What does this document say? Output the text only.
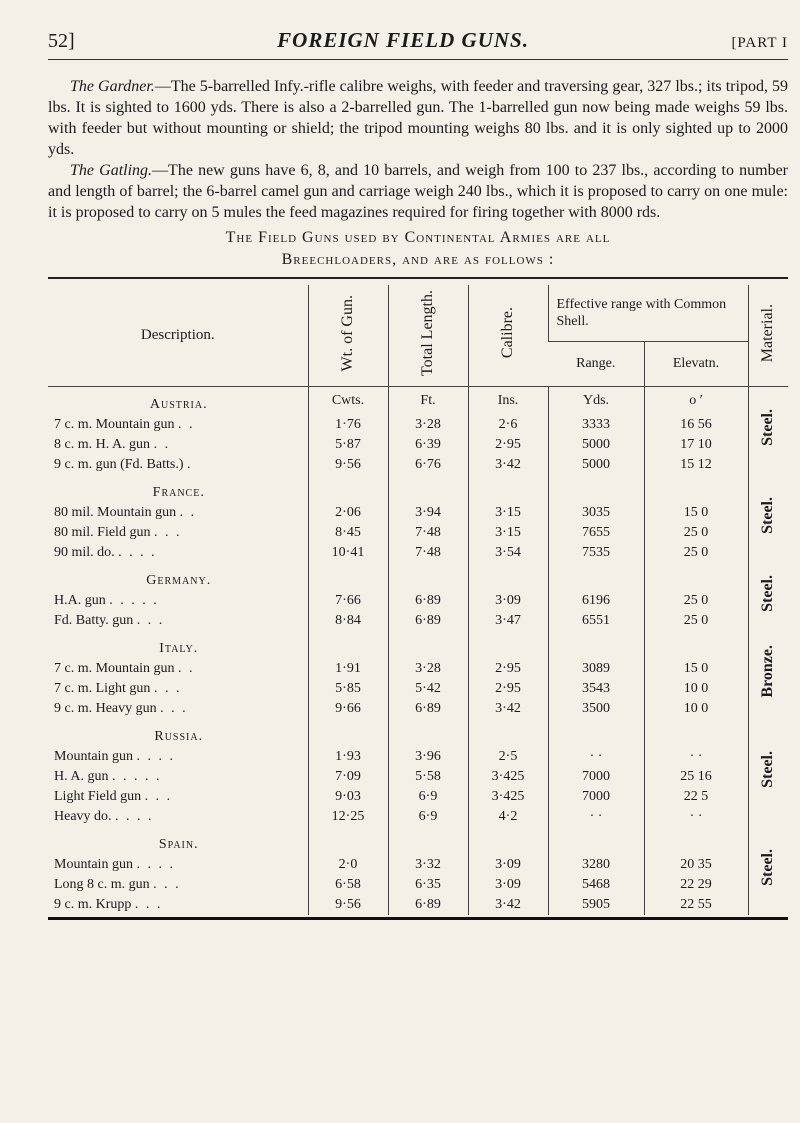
52]	FOREIGN FIELD GUNS.	[PART I

The Gardner.—The 5-barrelled Infy.-rifle calibre weighs, with feeder and traversing gear, 327 lbs.; its tripod, 59 lbs. It is sighted to 1600 yds. There is also a 2-barrelled gun. The 1-barrelled gun now being made weighs 59 lbs. with feeder but without mounting or shield; the tripod mounting weighs 80 lbs. and it is only sighted up to 2000 yds.

The Gatling.—The new guns have 6, 8, and 10 barrels, and weigh from 100 to 237 lbs., according to number and length of barrel; the 6-barrel camel gun and carriage weigh 240 lbs., which it is proposed to carry on one mule: it is proposed to carry on 5 mules the feed magazines required for firing together with 8000 rds.

The Field Guns used by Continental Armies are all
Breechloaders, and are as follows :
Description.	Wt. of Gun.	Total Length.	Calibre.	Effective range with Common Shell.		Material.
				Range.	Elevatn.	
Austria.	Cwts.	Ft.	Ins.	Yds.	o ′	Steel.
7 c. m. Mountain gun . .	1·76	3·28	2·6	3333	16 56	
8 c. m. H. A. gun . .	5·87	6·39	2·95	5000	17 10	
9 c. m. gun (Fd. Batts.) .	9·56	6·76	3·42	5000	15 12	
France.						Steel.
80 mil. Mountain gun . .	2·06	3·94	3·15	3035	15 0	
80 mil. Field gun . . .	8·45	7·48	3·15	7655	25 0	
90 mil. do. . . . .	10·41	7·48	3·54	7535	25 0	
Germany.						Steel.
H.A. gun . . . . .	7·66	6·89	3·09	6196	25 0	
Fd. Batty. gun . . .	8·84	6·89	3·47	6551	25 0	
Italy.						Bronze.
7 c. m. Mountain gun . .	1·91	3·28	2·95	3089	15 0	
7 c. m. Light gun . . .	5·85	5·42	2·95	3543	10 0	
9 c. m. Heavy gun . . .	9·66	6·89	3·42	3500	10 0	
Russia.						Steel.
Mountain gun . . . .	1·93	3·96	2·5	· ·	· ·	
H. A. gun . . . . .	7·09	5·58	3·425	7000	25 16	
Light Field gun . . .	9·03	6·9	3·425	7000	22 5	
Heavy do. . . . .	12·25	6·9	4·2	· ·	· ·	
Spain.						Steel.
Mountain gun . . . .	2·0	3·32	3·09	3280	20 35	
Long 8 c. m. gun . . .	6·58	6·35	3·09	5468	22 29	
9 c. m. Krupp . . .	9·56	6·89	3·42	5905	22 55	
